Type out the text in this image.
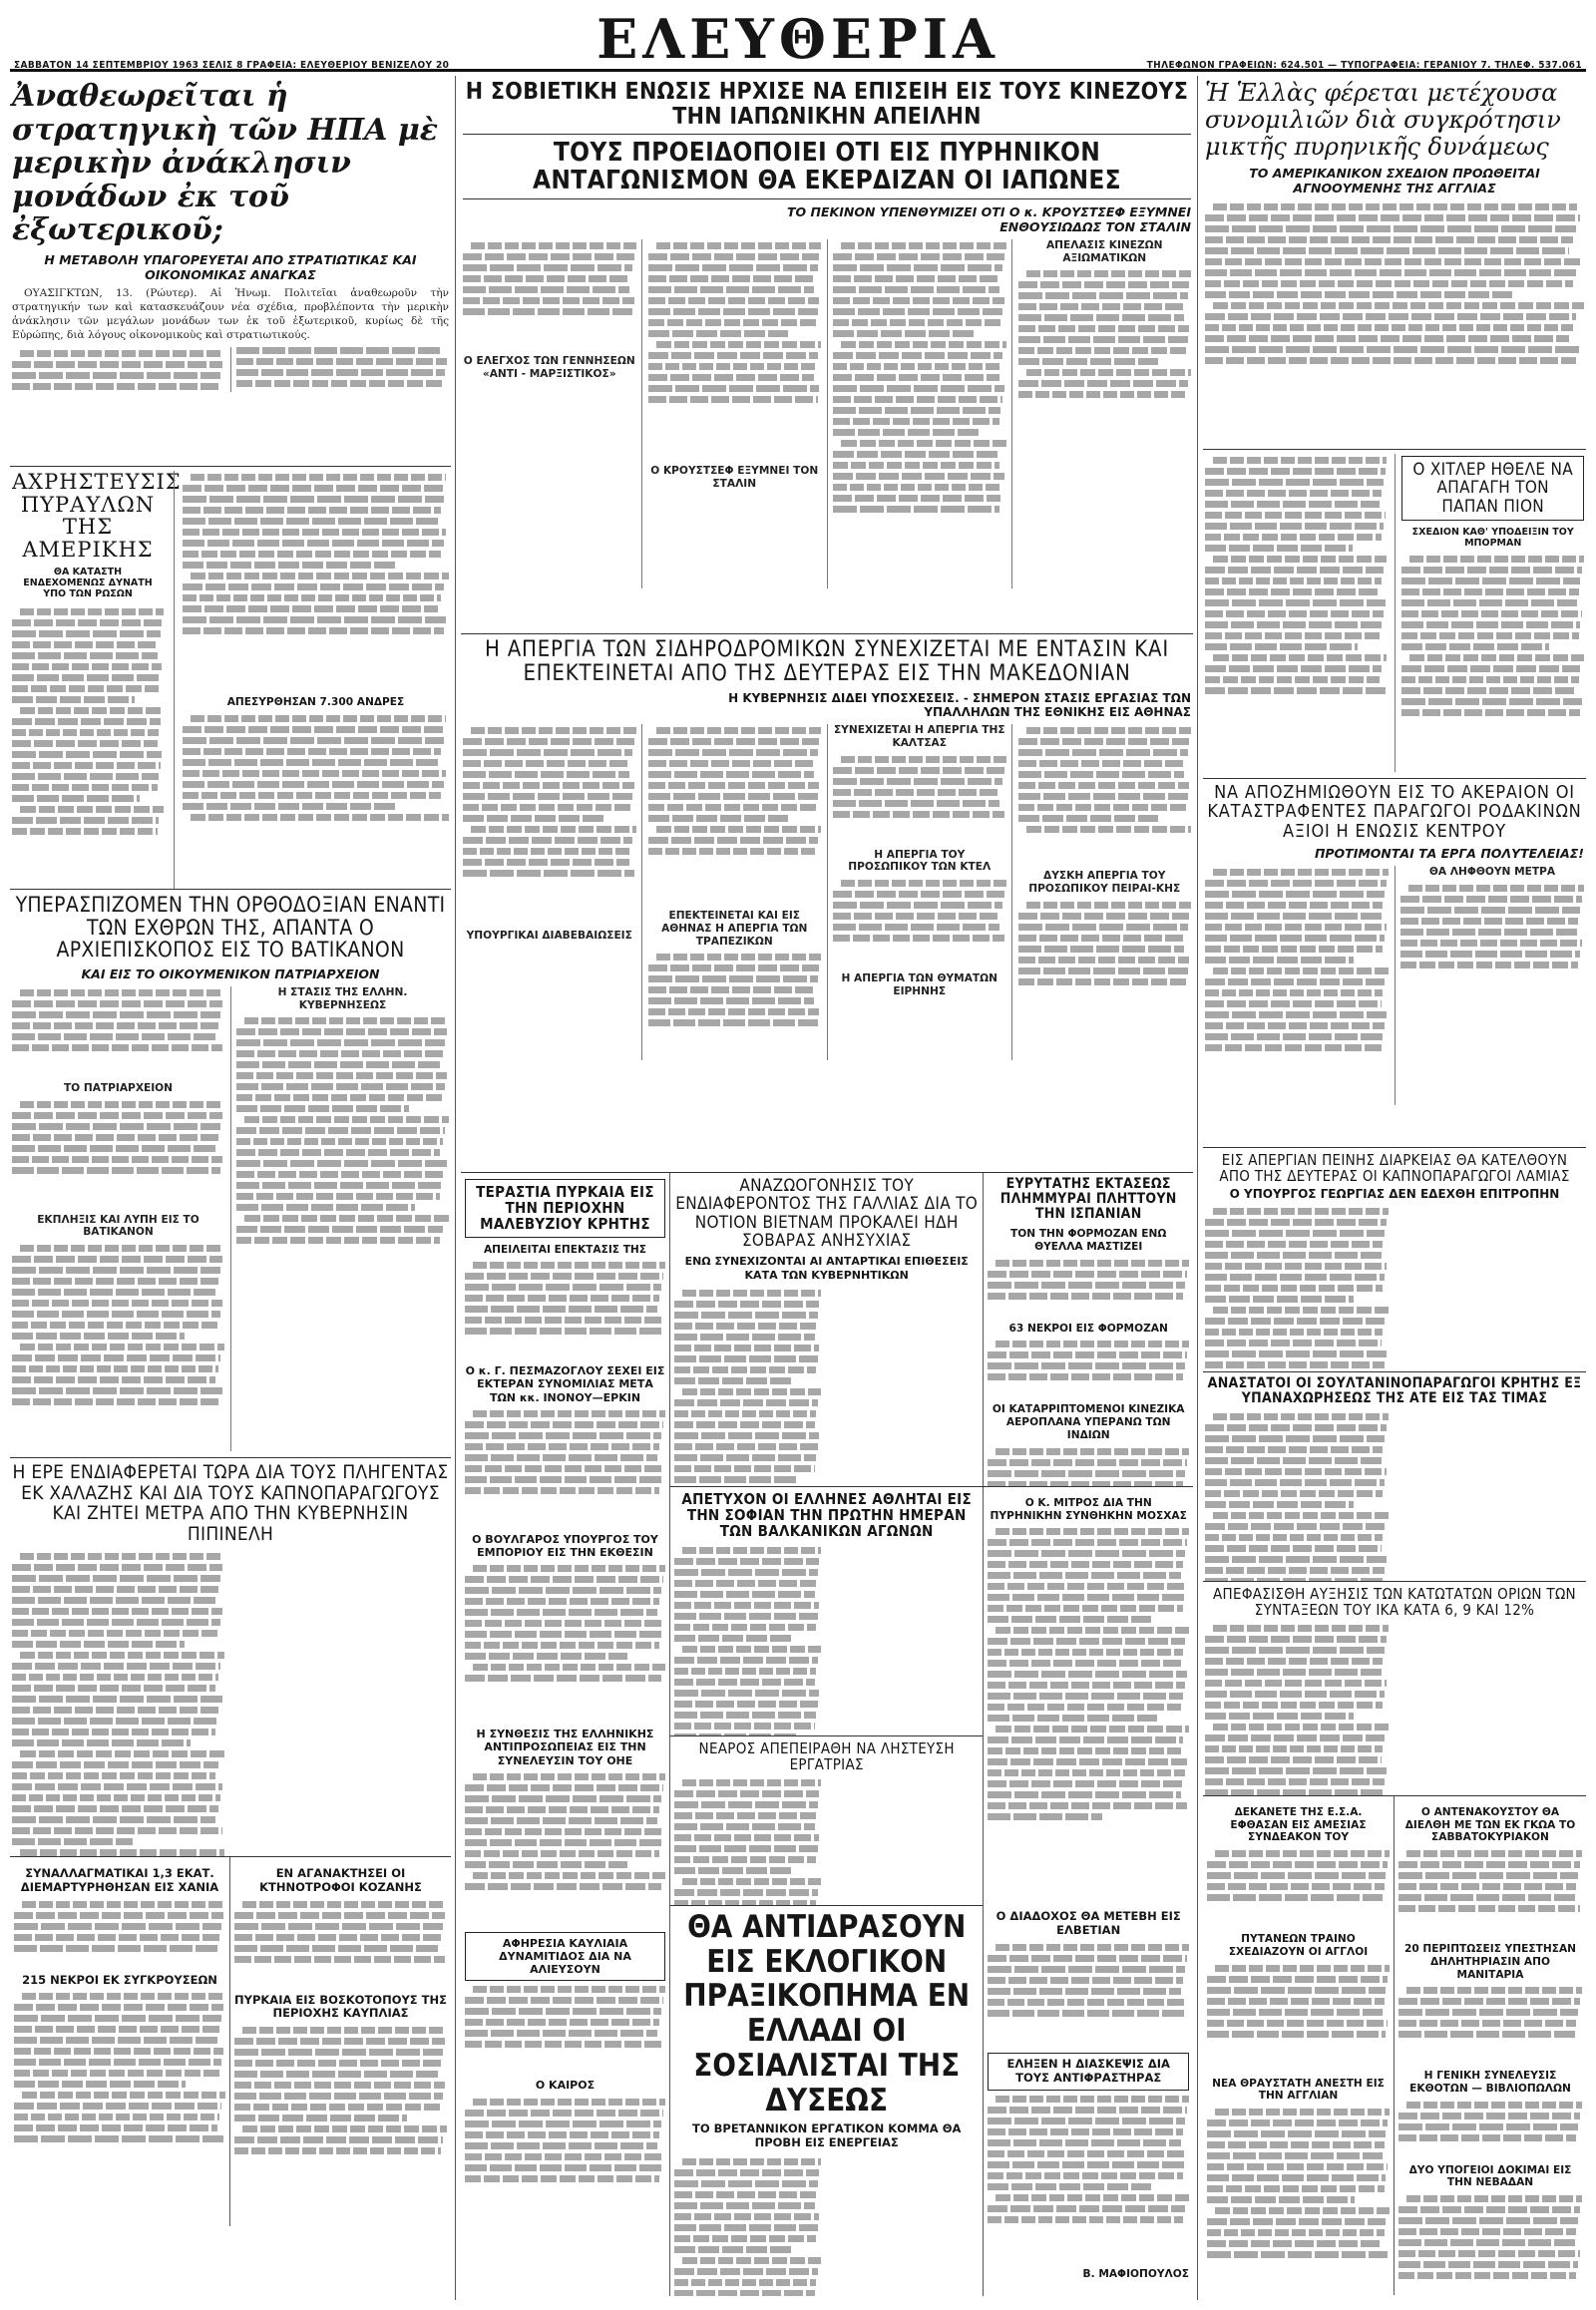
ΣΑΒΒΑΤΟΝ 14 ΣΕΠΤΕΜΒΡΙΟΥ 1963 ΣΕΛΙΣ 8 ΓΡΑΦΕΙΑ: ΕΛΕΥΘΕΡΙΟΥ ΒΕΝΙΖΕΛΟΥ 20	ΕΛΕΥΘΕΡΙΑ	ΤΗΛΕΦΩΝΟΝ ΓΡΑΦΕΙΩΝ: 624.501 — ΤΥΠΟΓΡΑΦΕΙΑ: ΓΕΡΑΝΙΟΥ 7. ΤΗΛΕΦ. 537.061
Ἀναθεωρεῖται ἡ στρατηγικὴ τῶν ΗΠΑ μὲ μερικὴν ἀνάκλησιν μονάδων ἐκ τοῦ ἐξωτερικοῦ;
Η ΜΕΤΑΒΟΛΗ ΥΠΑΓΟΡΕΥΕΤΑΙ ΑΠΟ ΣΤΡΑΤΙΩΤΙΚΑΣ ΚΑΙ ΟΙΚΟΝΟΜΙΚΑΣ ΑΝΑΓΚΑΣ

ΟΥΑΣΙΓΚΤΩΝ, 13. (Ρώυτερ). Αἱ Ἡνωμ. Πολιτεῖαι ἀναθεωροῦν τὴν στρατηγικήν των καὶ κατασκευάζουν νέα σχέδια, προβλέποντα τὴν μερικὴν ἀνάκλησιν τῶν μεγάλων μονάδων των ἐκ τοῦ ἐξωτερικοῦ, κυρίως δὲ τῆς Εὐρώπης, διὰ λόγους οἰκονομικοὺς καὶ στρατιωτικούς.

ΑΧΡΗΣΤΕΥΣΙΣ ΠΥΡΑΥΛΩΝ ΤΗΣ ΑΜΕΡΙΚΗΣ
ΘΑ ΚΑΤΑΣΤΗ ΕΝΔΕΧΟΜΕΝΩΣ ΔΥΝΑΤΗ ΥΠΟ ΤΩΝ ΡΩΣΩΝ
ΑΠΕΣΥΡΘΗΣΑΝ 7.300 ΑΝΔΡΕΣ
ΥΠΕΡΑΣΠΙΖΟΜΕΝ ΤΗΝ ΟΡΘΟΔΟΞΙΑΝ ΕΝΑΝΤΙ ΤΩΝ ΕΧΘΡΩΝ ΤΗΣ, ΑΠΑΝΤΑ Ο ΑΡΧΙΕΠΙΣΚΟΠΟΣ ΕΙΣ ΤΟ ΒΑΤΙΚΑΝΟΝ
ΚΑΙ ΕΙΣ ΤΟ ΟΙΚΟΥΜΕΝΙΚΟΝ ΠΑΤΡΙΑΡΧΕΙΟΝ
ΤΟ ΠΑΤΡΙΑΡΧΕΙΟΝ
ΕΚΠΛΗΞΙΣ ΚΑΙ ΛΥΠΗ ΕΙΣ ΤΟ ΒΑΤΙΚΑΝΟΝ
Η ΣΤΑΣΙΣ ΤΗΣ ΕΛΛΗΝ. ΚΥΒΕΡΝΗΣΕΩΣ
Η ΕΡΕ ΕΝΔΙΑΦΕΡΕΤΑΙ ΤΩΡΑ ΔΙΑ ΤΟΥΣ ΠΛΗΓΕΝΤΑΣ ΕΚ ΧΑΛΑΖΗΣ ΚΑΙ ΔΙΑ ΤΟΥΣ ΚΑΠΝΟΠΑΡΑΓΩΓΟΥΣ ΚΑΙ ΖΗΤΕΙ ΜΕΤΡΑ ΑΠΟ ΤΗΝ ΚΥΒΕΡΝΗΣΙΝ ΠΙΠΙΝΕΛΗ
ΣΥΝΑΛΛΑΓΜΑΤΙΚΑΙ 1,3 ΕΚΑΤ. ΔΙΕΜΑΡΤΥΡΗΘΗΣΑΝ ΕΙΣ ΧΑΝΙΑ
215 ΝΕΚΡΟΙ ΕΚ ΣΥΓΚΡΟΥΣΕΩΝ
ΕΝ ΑΓΑΝΑΚΤΗΣΕΙ ΟΙ ΚΤΗΝΟΤΡΟΦΟΙ ΚΟΖΑΝΗΣ
ΠΥΡΚΑΙΑ ΕΙΣ ΒΟΣΚΟΤΟΠΟΥΣ ΤΗΣ ΠΕΡΙΟΧΗΣ ΚΑΥΠΛΙΑΣ
Η ΣΟΒΙΕΤΙΚΗ ΕΝΩΣΙΣ ΗΡΧΙΣΕ ΝΑ ΕΠΙΣΕΙΗ ΕΙΣ ΤΟΥΣ ΚΙΝΕΖΟΥΣ ΤΗΝ ΙΑΠΩΝΙΚΗΝ ΑΠΕΙΛΗΝ
ΤΟΥΣ ΠΡΟΕΙΔΟΠΟΙΕΙ ΟΤΙ ΕΙΣ ΠΥΡΗΝΙΚΟΝ ΑΝΤΑΓΩΝΙΣΜΟΝ ΘΑ ΕΚΕΡΔΙΖΑΝ ΟΙ ΙΑΠΩΝΕΣ
ΤΟ ΠΕΚΙΝΟΝ ΥΠΕΝΘΥΜΙΖΕΙ ΟΤΙ Ο κ. ΚΡΟΥΣΤΣΕΦ ΕΞΥΜΝΕΙ ΕΝΘΟΥΣΙΩΔΩΣ ΤΟΝ ΣΤΑΛΙΝ
Ο ΕΛΕΓΧΟΣ ΤΩΝ ΓΕΝΝΗΣΕΩΝ «ΑΝΤΙ - ΜΑΡΞΙΣΤΙΚΟΣ»
Ο ΚΡΟΥΣΤΣΕΦ ΕΞΥΜΝΕΙ ΤΟΝ ΣΤΑΛΙΝ
ΑΠΕΛΑΣΙΣ ΚΙΝΕΖΩΝ ΑΞΙΩΜΑΤΙΚΩΝ
Η ΑΠΕΡΓΙΑ ΤΩΝ ΣΙΔΗΡΟΔΡΟΜΙΚΩΝ ΣΥΝΕΧΙΖΕΤΑΙ ΜΕ ΕΝΤΑΣΙΝ ΚΑΙ ΕΠΕΚΤΕΙΝΕΤΑΙ ΑΠΟ ΤΗΣ ΔΕΥΤΕΡΑΣ ΕΙΣ ΤΗΝ ΜΑΚΕΔΟΝΙΑΝ
Η ΚΥΒΕΡΝΗΣΙΣ ΔΙΔΕΙ ΥΠΟΣΧΕΣΕΙΣ. - ΣΗΜΕΡΟΝ ΣΤΑΣΙΣ ΕΡΓΑΣΙΑΣ ΤΩΝ ΥΠΑΛΛΗΛΩΝ ΤΗΣ ΕΘΝΙΚΗΣ ΕΙΣ ΑΘΗΝΑΣ
ΥΠΟΥΡΓΙΚΑΙ ΔΙΑΒΕΒΑΙΩΣΕΙΣ
ΕΠΕΚΤΕΙΝΕΤΑΙ ΚΑΙ ΕΙΣ ΑΘΗΝΑΣ Η ΑΠΕΡΓΙΑ ΤΩΝ ΤΡΑΠΕΖΙΚΩΝ
ΣΥΝΕΧΙΖΕΤΑΙ Η ΑΠΕΡΓΙΑ ΤΗΣ ΚΑΛΤΣΑΣ
Η ΑΠΕΡΓΙΑ ΤΟΥ ΠΡΟΣΩΠΙΚΟΥ ΤΩΝ ΚΤΕΛ
Η ΑΠΕΡΓΙΑ ΤΩΝ ΘΥΜΑΤΩΝ ΕΙΡΗΝΗΣ
ΔΥΣΚΗ ΑΠΕΡΓΙΑ ΤΟΥ ΠΡΟΣΩΠΙΚΟΥ ΠΕΙΡΑΙ-ΚΗΣ
ΤΕΡΑΣΤΙΑ ΠΥΡΚΑΙΑ ΕΙΣ ΤΗΝ ΠΕΡΙΟΧΗΝ ΜΑΛΕΒΥΖΙΟΥ ΚΡΗΤΗΣ
ΑΠΕΙΛΕΙΤΑΙ ΕΠΕΚΤΑΣΙΣ ΤΗΣ
Ο κ. Γ. ΠΕΣΜΑΖΟΓΛΟΥ ΣΕΧΕΙ ΕΙΣ ΕΚΤΕΡΑΝ ΣΥΝΟΜΙΛΙΑΣ ΜΕΤΑ ΤΩΝ κκ. ΙΝΟΝΟΥ—ΕΡΚΙΝ
Ο ΒΟΥΛΓΑΡΟΣ ΥΠΟΥΡΓΟΣ ΤΟΥ ΕΜΠΟΡΙΟΥ ΕΙΣ ΤΗΝ ΕΚΘΕΣΙΝ
Η ΣΥΝΘΕΣΙΣ ΤΗΣ ΕΛΛΗΝΙΚΗΣ ΑΝΤΙΠΡΟΣΩΠΕΙΑΣ ΕΙΣ ΤΗΝ ΣΥΝΕΛΕΥΣΙΝ ΤΟΥ ΟΗΕ
ΑΦΗΡΕΣΙΑ ΚΑΥΛΙΑΙΑ ΔΥΝΑΜΙΤΙΔΟΣ ΔΙΑ ΝΑ ΑΛΙΕΥΣΟΥΝ
Ο ΚΑΙΡΟΣ
ΑΝΑΖΩΟΓΟΝΗΣΙΣ ΤΟΥ ΕΝΔΙΑΦΕΡΟΝΤΟΣ ΤΗΣ ΓΑΛΛΙΑΣ ΔΙΑ ΤΟ ΝΟΤΙΟΝ ΒΙΕΤΝΑΜ ΠΡΟΚΑΛΕΙ ΗΔΗ ΣΟΒΑΡΑΣ ΑΝΗΣΥΧΙΑΣ
ΕΝΩ ΣΥΝΕΧΙΖΟΝΤΑΙ ΑΙ ΑΝΤΑΡΤΙΚΑΙ ΕΠΙΘΕΣΕΙΣ ΚΑΤΑ ΤΩΝ ΚΥΒΕΡΝΗΤΙΚΩΝ
ΕΥΡΥΤΑΤΗΣ ΕΚΤΑΣΕΩΣ ΠΛΗΜΜΥΡΑΙ ΠΛΗΤΤΟΥΝ ΤΗΝ ΙΣΠΑΝΙΑΝ
ΤΟΝ ΤΗΝ ΦΟΡΜΟΖΑΝ ΕΝΩ ΘΥΕΛΛΑ ΜΑΣΤΙΖΕΙ
63 ΝΕΚΡΟΙ ΕΙΣ ΦΟΡΜΟΖΑΝ
ΟΙ ΚΑΤΑΡΡΙΠΤΟΜΕΝΟΙ ΚΙΝΕΖΙΚΑ ΑΕΡΟΠΛΑΝΑ ΥΠΕΡΑΝΩ ΤΩΝ ΙΝΔΙΩΝ
ΑΠΕΤΥΧΟΝ ΟΙ ΕΛΛΗΝΕΣ ΑΘΛΗΤΑΙ ΕΙΣ ΤΗΝ ΣΟΦΙΑΝ ΤΗΝ ΠΡΩΤΗΝ ΗΜΕΡΑΝ ΤΩΝ ΒΑΛΚΑΝΙΚΩΝ ΑΓΩΝΩΝ
ΝΕΑΡΟΣ ΑΠΕΠΕΙΡΑΘΗ ΝΑ ΛΗΣΤΕΥΣΗ ΕΡΓΑΤΡΙΑΣ
ΘΑ ΑΝΤΙΔΡΑΣΟΥΝ ΕΙΣ ΕΚΛΟΓΙΚΟΝ ΠΡΑΞΙΚΟΠΗΜΑ ΕΝ ΕΛΛΑΔΙ ΟΙ ΣΟΣΙΑΛΙΣΤΑΙ ΤΗΣ ΔΥΣΕΩΣ
ΤΟ ΒΡΕΤΑΝΝΙΚΟΝ ΕΡΓΑΤΙΚΟΝ ΚΟΜΜΑ ΘΑ ΠΡΟΒΗ ΕΙΣ ΕΝΕΡΓΕΙΑΣ
Ο Κ. ΜΙΤΡΟΣ ΔΙΑ ΤΗΝ ΠΥΡΗΝΙΚΗΝ ΣΥΝΘΗΚΗΝ ΜΟΣΧΑΣ
Ο ΔΙΑΔΟΧΟΣ ΘΑ ΜΕΤΕΒΗ ΕΙΣ ΕΛΒΕΤΙΑΝ
ΕΛΗΞΕΝ Η ΔΙΑΣΚΕΨΙΣ ΔΙΑ ΤΟΥΣ ΑΝΤΙΦΡΑΣΤΗΡΑΣ
Β. ΜΑΦΙΟΠΟΥΛΟΣ
Ἡ Ἑλλὰς φέρεται μετέχουσα συνομιλιῶν διὰ συγκρότησιν μικτῆς πυρηνικῆς δυνάμεως
ΤΟ ΑΜΕΡΙΚΑΝΙΚΟΝ ΣΧΕΔΙΟΝ ΠΡΟΩΘΕΙΤΑΙ ΑΓΝΟΟΥΜΕΝΗΣ ΤΗΣ ΑΓΓΛΙΑΣ
Ο ΧΙΤΛΕΡ ΗΘΕΛΕ ΝΑ ΑΠΑΓΑΓΗ ΤΟΝ ΠΑΠΑΝ ΠΙΟΝ
ΣΧΕΔΙΟΝ ΚΑΘ' ΥΠΟΔΕΙΞΙΝ ΤΟΥ ΜΠΟΡΜΑΝ
ΝΑ ΑΠΟΖΗΜΙΩΘΟΥΝ ΕΙΣ ΤΟ ΑΚΕΡΑΙΟΝ ΟΙ ΚΑΤΑΣΤΡΑΦΕΝΤΕΣ ΠΑΡΑΓΩΓΟΙ ΡΟΔΑΚΙΝΩΝ ΑΞΙΟΙ Η ΕΝΩΣΙΣ ΚΕΝΤΡΟΥ
ΠΡΟΤΙΜΟΝΤΑΙ ΤΑ ΕΡΓΑ ΠΟΛΥΤΕΛΕΙΑΣ!
ΘΑ ΛΗΦΘΟΥΝ ΜΕΤΡΑ
ΕΙΣ ΑΠΕΡΓΙΑΝ ΠΕΙΝΗΣ ΔΙΑΡΚΕΙΑΣ ΘΑ ΚΑΤΕΛΘΟΥΝ ΑΠΟ ΤΗΣ ΔΕΥΤΕΡΑΣ ΟΙ ΚΑΠΝΟΠΑΡΑΓΩΓΟΙ ΛΑΜΙΑΣ
Ο ΥΠΟΥΡΓΟΣ ΓΕΩΡΓΙΑΣ ΔΕΝ ΕΔΕΧΘΗ ΕΠΙΤΡΟΠΗΝ
ΑΝΑΣΤΑΤΟΙ ΟΙ ΣΟΥΛΤΑΝΙΝΟΠΑΡΑΓΩΓΟΙ ΚΡΗΤΗΣ ΕΞ ΥΠΑΝΑΧΩΡΗΣΕΩΣ ΤΗΣ ΑΤΕ ΕΙΣ ΤΑΣ ΤΙΜΑΣ
ΑΠΕΦΑΣΙΣΘΗ ΑΥΞΗΣΙΣ ΤΩΝ ΚΑΤΩΤΑΤΩΝ ΟΡΙΩΝ ΤΩΝ ΣΥΝΤΑΞΕΩΝ ΤΟΥ ΙΚΑ ΚΑΤΑ 6, 9 ΚΑΙ 12%
ΔΕΚΑΝΕΤΕ ΤΗΣ Ε.Σ.Α. ΕΦΘΑΣΑΝ ΕΙΣ ΑΜΕΣΙΑΣ ΣΥΝΔΕΑΚΟΝ ΤΟΥ
ΠΥΤΑΝΕΩΝ ΤΡΑΙΝΟ ΣΧΕΔΙΑΖΟΥΝ ΟΙ ΑΓΓΛΟΙ
ΝΕΑ ΘΡΑΥΣΤΑΤΗ ΑΝΕΣΤΗ ΕΙΣ ΤΗΝ ΑΓΓΛΙΑΝ
Ο ΑΝΤΕΝΑΚΟΥΣΤΟΥ ΘΑ ΔΙΕΛΘΗ ΜΕ ΤΩΝ ΕΚ ΓΚΩΑ ΤΟ ΣΑΒΒΑΤΟΚΥΡΙΑΚΟΝ
20 ΠΕΡΙΠΤΩΣΕΙΣ ΥΠΕΣΤΗΣΑΝ ΔΗΛΗΤΗΡΙΑΣΙΝ ΑΠΟ ΜΑΝΙΤΑΡΙΑ
Η ΓΕΝΙΚΗ ΣΥΝΕΛΕΥΣΙΣ ΕΚΘΟΤΩΝ — ΒΙΒΛΙΟΠΩΛΩΝ
ΔΥΟ ΥΠΟΓΕΙΟΙ ΔΟΚΙΜΑΙ ΕΙΣ ΤΗΝ ΝΕΒΑΔΑΝ
